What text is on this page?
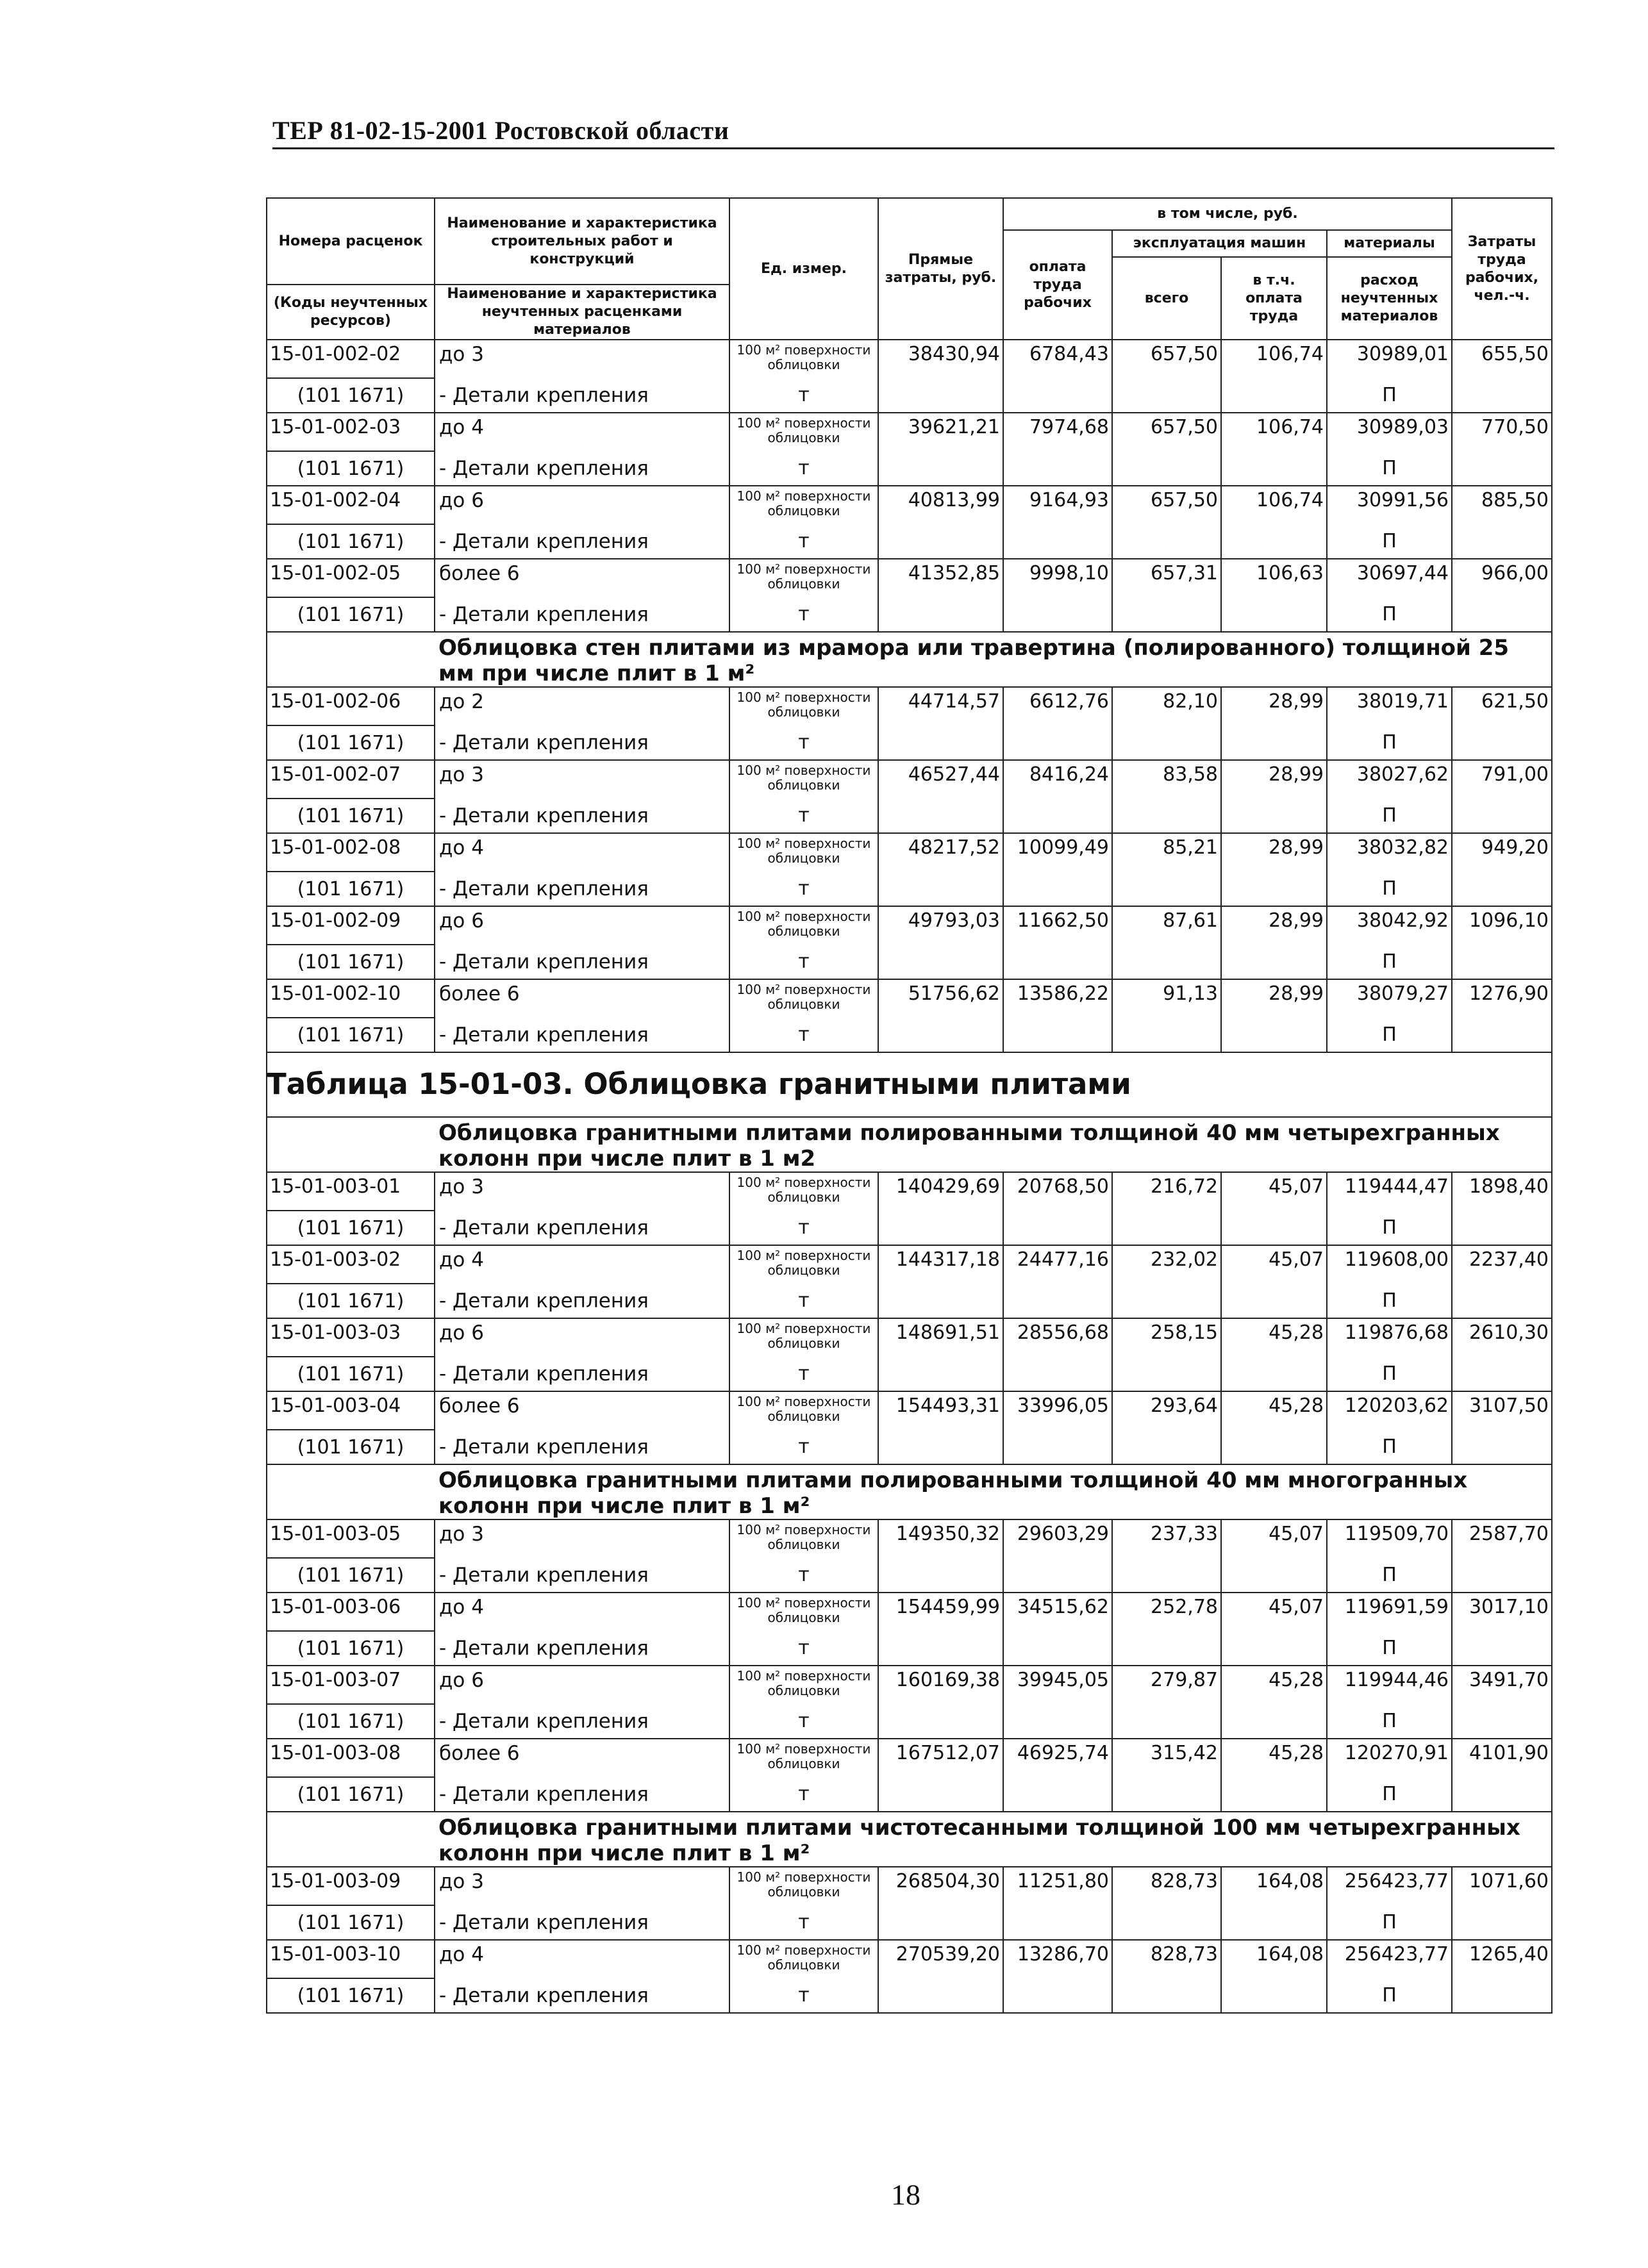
ТЕР 81-02-15-2001 Ростовской области
Номера расценок	Наименование и характеристика строительных работ и конструкций	Ед. измер.	Прямые затраты, руб.	в том числе, руб.	Затраты труда рабочих, чел.-ч.
оплата труда рабочих	эксплуатация машин	материалы
всего	в т.ч. оплата труда	расход неучтенных материалов
(Коды неучтенных ресурсов)	Наименование и характеристика неучтенных расценками материалов

15-01-002-02	до 3	100 м² поверхности облицовки	38430,94	6784,43	657,50	106,74	30989,01	655,50
(101 1671)	- Детали крепления	т					П	
15-01-002-03	до 4	100 м² поверхности облицовки	39621,21	7974,68	657,50	106,74	30989,03	770,50
(101 1671)	- Детали крепления	т					П	
15-01-002-04	до 6	100 м² поверхности облицовки	40813,99	9164,93	657,50	106,74	30991,56	885,50
(101 1671)	- Детали крепления	т					П	
15-01-002-05	более 6	100 м² поверхности облицовки	41352,85	9998,10	657,31	106,63	30697,44	966,00
(101 1671)	- Детали крепления	т					П	
	Облицовка стен плитами из мрамора или травертина (полированного) толщиной 25 мм при числе плит в 1 м²
15-01-002-06	до 2	100 м² поверхности облицовки	44714,57	6612,76	82,10	28,99	38019,71	621,50
(101 1671)	- Детали крепления	т					П	
15-01-002-07	до 3	100 м² поверхности облицовки	46527,44	8416,24	83,58	28,99	38027,62	791,00
(101 1671)	- Детали крепления	т					П	
15-01-002-08	до 4	100 м² поверхности облицовки	48217,52	10099,49	85,21	28,99	38032,82	949,20
(101 1671)	- Детали крепления	т					П	
15-01-002-09	до 6	100 м² поверхности облицовки	49793,03	11662,50	87,61	28,99	38042,92	1096,10
(101 1671)	- Детали крепления	т					П	
15-01-002-10	более 6	100 м² поверхности облицовки	51756,62	13586,22	91,13	28,99	38079,27	1276,90
(101 1671)	- Детали крепления	т					П	
	Таблица 15-01-03. Облицовка гранитными плитами
	Облицовка гранитными плитами полированными толщиной 40 мм четырехгранных колонн при числе плит в 1 м2
15-01-003-01	до 3	100 м² поверхности облицовки	140429,69	20768,50	216,72	45,07	119444,47	1898,40
(101 1671)	- Детали крепления	т					П	
15-01-003-02	до 4	100 м² поверхности облицовки	144317,18	24477,16	232,02	45,07	119608,00	2237,40
(101 1671)	- Детали крепления	т					П	
15-01-003-03	до 6	100 м² поверхности облицовки	148691,51	28556,68	258,15	45,28	119876,68	2610,30
(101 1671)	- Детали крепления	т					П	
15-01-003-04	более 6	100 м² поверхности облицовки	154493,31	33996,05	293,64	45,28	120203,62	3107,50
(101 1671)	- Детали крепления	т					П	
	Облицовка гранитными плитами полированными толщиной 40 мм многогранных колонн при числе плит в 1 м²
15-01-003-05	до 3	100 м² поверхности облицовки	149350,32	29603,29	237,33	45,07	119509,70	2587,70
(101 1671)	- Детали крепления	т					П	
15-01-003-06	до 4	100 м² поверхности облицовки	154459,99	34515,62	252,78	45,07	119691,59	3017,10
(101 1671)	- Детали крепления	т					П	
15-01-003-07	до 6	100 м² поверхности облицовки	160169,38	39945,05	279,87	45,28	119944,46	3491,70
(101 1671)	- Детали крепления	т					П	
15-01-003-08	более 6	100 м² поверхности облицовки	167512,07	46925,74	315,42	45,28	120270,91	4101,90
(101 1671)	- Детали крепления	т					П	
	Облицовка гранитными плитами чистотесанными толщиной 100 мм четырехгранных колонн при числе плит в 1 м²
15-01-003-09	до 3	100 м² поверхности облицовки	268504,30	11251,80	828,73	164,08	256423,77	1071,60
(101 1671)	- Детали крепления	т					П	
15-01-003-10	до 4	100 м² поверхности облицовки	270539,20	13286,70	828,73	164,08	256423,77	1265,40
(101 1671)	- Детали крепления	т					П	
18
